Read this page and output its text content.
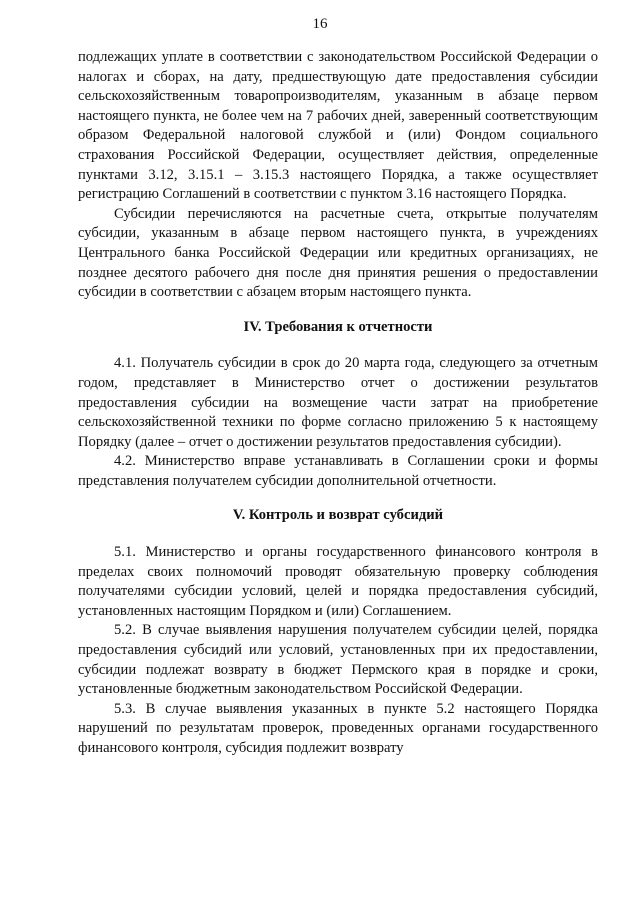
16

подлежащих уплате в соответствии с законодательством Российской Федерации о налогах и сборах, на дату, предшествующую дате предоставления субсидии сельскохозяйственным товаропроизводителям, указанным в абзаце первом настоящего пункта, не более чем на 7 рабочих дней, заверенный соответствующим образом Федеральной налоговой службой и (или) Фондом социального страхования Российской Федерации, осуществляет действия, определенные пунктами 3.12, 3.15.1 – 3.15.3 настоящего Порядка, а также осуществляет регистрацию Соглашений в соответствии с пунктом 3.16 настоящего Порядка.

Субсидии перечисляются на расчетные счета, открытые получателям субсидии, указанным в абзаце первом настоящего пункта, в учреждениях Центрального банка Российской Федерации или кредитных организациях, не позднее десятого рабочего дня после дня принятия решения о предоставлении субсидии в соответствии с абзацем вторым настоящего пункта.

IV. Требования к отчетности

4.1. Получатель субсидии в срок до 20 марта года, следующего за отчетным годом, представляет в Министерство отчет о достижении результатов предоставления субсидии на возмещение части затрат на приобретение сельскохозяйственной техники по форме согласно приложению 5 к настоящему Порядку (далее – отчет о достижении результатов предоставления субсидии).

4.2. Министерство вправе устанавливать в Соглашении сроки и формы представления получателем субсидии дополнительной отчетности.

V. Контроль и возврат субсидий

5.1. Министерство и органы государственного финансового контроля в пределах своих полномочий проводят обязательную проверку соблюдения получателями субсидии условий, целей и порядка предоставления субсидий, установленных настоящим Порядком и (или) Соглашением.

5.2. В случае выявления нарушения получателем субсидии целей, порядка предоставления субсидий или условий, установленных при их предоставлении, субсидии подлежат возврату в бюджет Пермского края в порядке и сроки, установленные бюджетным законодательством Российской Федерации.

5.3. В случае выявления указанных в пункте 5.2 настоящего Порядка нарушений по результатам проверок, проведенных органами государственного финансового контроля, субсидия подлежит возврату
